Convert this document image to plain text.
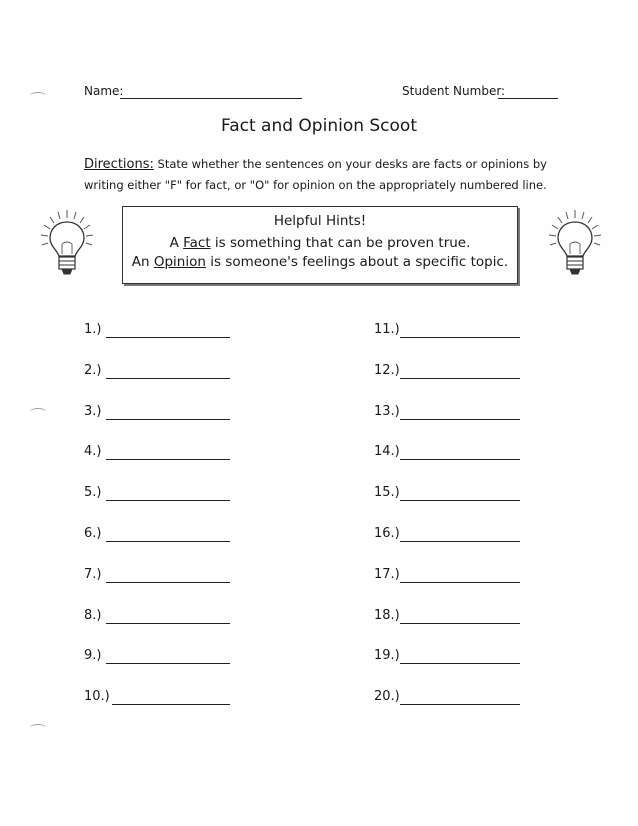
Name:	Student Number:
Fact and Opinion Scoot
Directions: State whether the sentences on your desks are facts or opinions by writing either "F" for fact, or "O" for opinion on the appropriately numbered line.
Helpful Hints!
A Fact is something that can be proven true.
An Opinion is someone's feelings about a specific topic.
1.)
2.)
3.)
4.)
5.)
6.)
7.)
8.)
9.)
10.)
11.)
12.)
13.)
14.)
15.)
16.)
17.)
18.)
19.)
20.)
